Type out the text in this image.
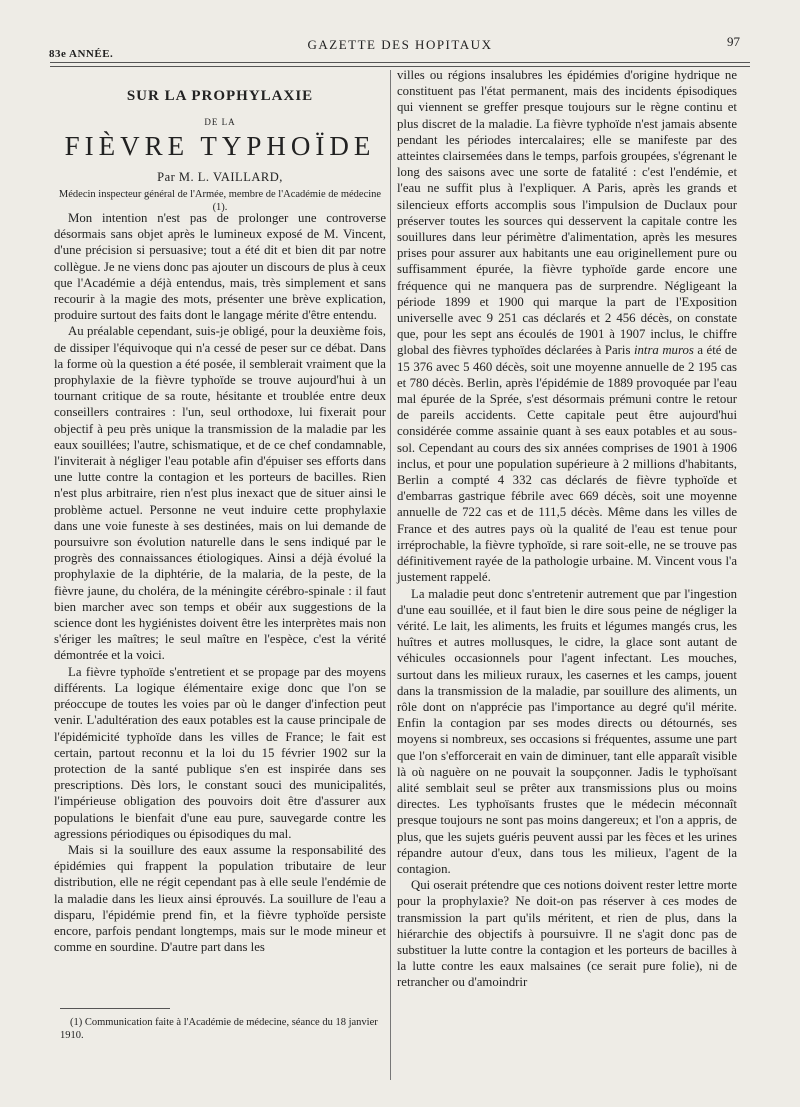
83e ANNÉE.
GAZETTE DES HOPITAUX	97
SUR LA PROPHYLAXIE
DE LA
FIÈVRE TYPHOÏDE
Par M. L. VAILLARD,
Médecin inspecteur général de l'Armée, membre de l'Académie de médecine (1).

Mon intention n'est pas de prolonger une controverse désormais sans objet après le lumineux exposé de M. Vincent, d'une précision si persuasive; tout a été dit et bien dit par notre collègue. Je ne viens donc pas ajouter un discours de plus à ceux que l'Académie a déjà entendus, mais, très simplement et sans recourir à la magie des mots, présenter une brève explication, produire surtout des faits dont le langage mérite d'être entendu.

Au préalable cependant, suis-je obligé, pour la deuxième fois, de dissiper l'équivoque qui n'a cessé de peser sur ce débat. Dans la forme où la question a été posée, il semblerait vraiment que la prophylaxie de la fièvre typhoïde se trouve aujourd'hui à un tournant critique de sa route, hésitante et troublée entre deux conseillers contraires : l'un, seul orthodoxe, lui fixerait pour objectif à peu près unique la transmission de la maladie par les eaux souillées; l'autre, schismatique, et de ce chef condamnable, l'inviterait à négliger l'eau potable afin d'épuiser ses efforts dans une lutte contre la contagion et les porteurs de bacilles. Rien n'est plus arbitraire, rien n'est plus inexact que de situer ainsi le problème actuel. Personne ne veut induire cette prophylaxie dans une voie funeste à ses destinées, mais on lui demande de poursuivre son évolution naturelle dans le sens indiqué par le progrès des connaissances étiologiques. Ainsi a déjà évolué la prophylaxie de la diphtérie, de la malaria, de la peste, de la fièvre jaune, du choléra, de la méningite cérébro-spinale : il faut bien marcher avec son temps et obéir aux suggestions de la science dont les hygiénistes doivent être les interprètes mais non s'ériger les maîtres; le seul maître en l'espèce, c'est la vérité démontrée et la voici.

La fièvre typhoïde s'entretient et se propage par des moyens différents. La logique élémentaire exige donc que l'on se préoccupe de toutes les voies par où le danger d'infection peut venir. L'adultération des eaux potables est la cause principale de l'épidémicité typhoïde dans les villes de France; le fait est certain, partout reconnu et la loi du 15 février 1902 sur la protection de la santé publique s'en est inspirée dans ses prescriptions. Dès lors, le constant souci des municipalités, l'impérieuse obligation des pouvoirs doit être d'assurer aux populations le bienfait d'une eau pure, sauvegarde contre les agressions périodiques ou épisodiques du mal.

Mais si la souillure des eaux assume la responsabilité des épidémies qui frappent la population tributaire de leur distribution, elle ne régit cependant pas à elle seule l'endémie de la maladie dans les lieux ainsi éprouvés. La souillure de l'eau a disparu, l'épidémie prend fin, et la fièvre typhoïde persiste encore, parfois pendant longtemps, mais sur le mode mineur et comme en sourdine. D'autre part dans les

villes ou régions insalubres les épidémies d'origine hydrique ne constituent pas l'état permanent, mais des incidents épisodiques qui viennent se greffer presque toujours sur le règne continu et plus discret de la maladie. La fièvre typhoïde n'est jamais absente pendant les périodes intercalaires; elle se manifeste par des atteintes clairsemées dans le temps, parfois groupées, s'égrenant le long des saisons avec une sorte de fatalité : c'est l'endémie, et l'eau ne suffit plus à l'expliquer. A Paris, après les grands et silencieux efforts accomplis sous l'impulsion de Duclaux pour préserver toutes les sources qui desservent la capitale contre les souillures dans leur périmètre d'alimentation, après les mesures prises pour assurer aux habitants une eau originellement pure ou suffisamment épurée, la fièvre typhoïde garde encore une fréquence qui ne manquera pas de surprendre. Négligeant la période 1899 et 1900 qui marque la part de l'Exposition universelle avec 9 251 cas déclarés et 2 456 décès, on constate que, pour les sept ans écoulés de 1901 à 1907 inclus, le chiffre global des fièvres typhoïdes déclarées à Paris intra muros a été de 15 376 avec 5 460 décès, soit une moyenne annuelle de 2 195 cas et 780 décès. Berlin, après l'épidémie de 1889 provoquée par l'eau mal épurée de la Sprée, s'est désormais prémuni contre le retour de pareils accidents. Cette capitale peut être aujourd'hui considérée comme assainie quant à ses eaux potables et au sous-sol. Cependant au cours des six années comprises de 1901 à 1906 inclus, et pour une population supérieure à 2 millions d'habitants, Berlin a compté 4 332 cas déclarés de fièvre typhoïde et d'embarras gastrique fébrile avec 669 décès, soit une moyenne annuelle de 722 cas et de 111,5 décès. Même dans les villes de France et des autres pays où la qualité de l'eau est tenue pour irréprochable, la fièvre typhoïde, si rare soit-elle, ne se trouve pas définitivement rayée de la pathologie urbaine. M. Vincent vous l'a justement rappelé.

La maladie peut donc s'entretenir autrement que par l'ingestion d'une eau souillée, et il faut bien le dire sous peine de négliger la vérité. Le lait, les aliments, les fruits et légumes mangés crus, les huîtres et autres mollusques, le cidre, la glace sont autant de véhicules occasionnels pour l'agent infectant. Les mouches, surtout dans les milieux ruraux, les casernes et les camps, jouent dans la transmission de la maladie, par souillure des aliments, un rôle dont on n'apprécie pas l'importance au degré qu'il mérite. Enfin la contagion par ses modes directs ou détournés, ses moyens si nombreux, ses occasions si fréquentes, assume une part que l'on s'efforcerait en vain de diminuer, tant elle apparaît visible là où naguère on ne pouvait la soupçonner. Jadis le typhoïsant alité semblait seul se prêter aux transmissions plus ou moins directes. Les typhoïsants frustes que le médecin méconnaît presque toujours ne sont pas moins dangereux; et l'on a appris, de plus, que les sujets guéris peuvent aussi par les fèces et les urines répandre autour d'eux, dans tous les milieux, l'agent de la contagion.

Qui oserait prétendre que ces notions doivent rester lettre morte pour la prophylaxie? Ne doit-on pas réserver à ces modes de transmission la part qu'ils méritent, et rien de plus, dans la hiérarchie des objectifs à poursuivre. Il ne s'agit donc pas de substituer la lutte contre la contagion et les porteurs de bacilles à la lutte contre les eaux malsaines (ce serait pure folie), ni de retrancher ou d'amoindrir

(1) Communication faite à l'Académie de médecine, séance du 18 janvier 1910.
